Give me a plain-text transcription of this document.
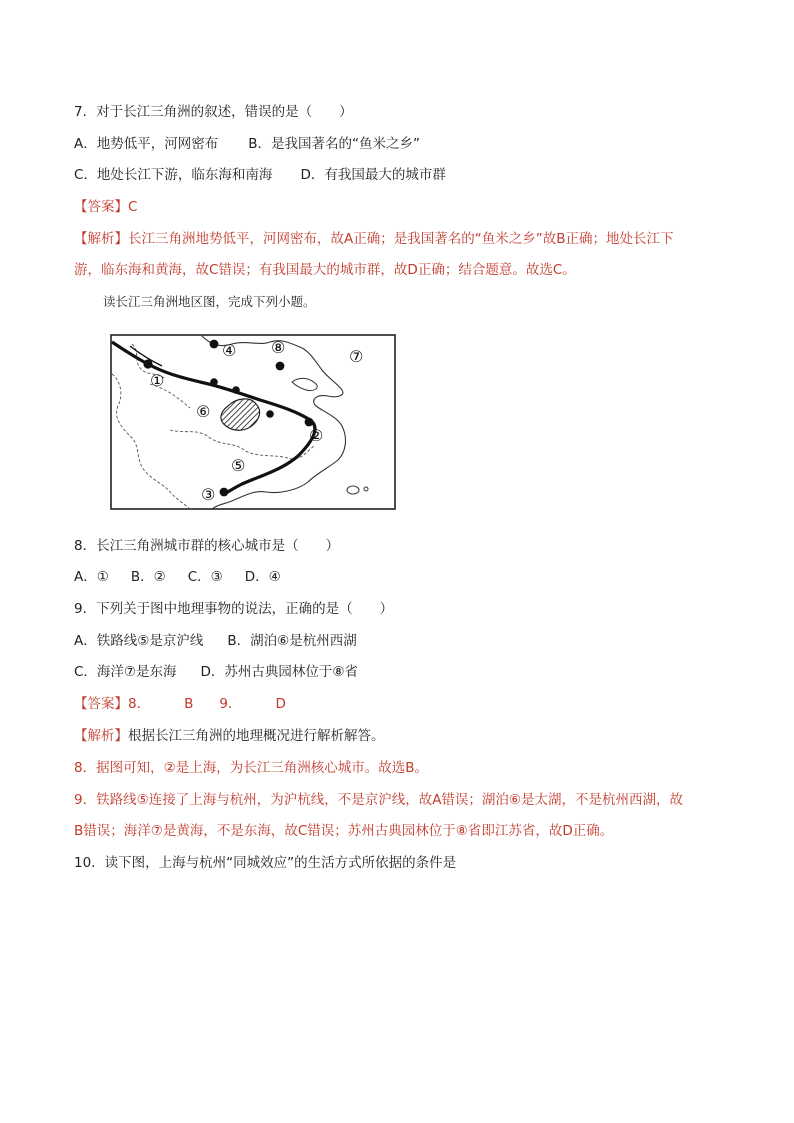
7．对于长江三角洲的叙述，错误的是（　　）
A．地势低平，河网密布 B．是我国著名的“鱼米之乡”
C．地处长江下游，临东海和南海 D．有我国最大的城市群
【答案】C
【解析】长江三角洲地势低平，河网密布，故A正确；是我国著名的“鱼米之乡”故B正确；地处长江下
游，临东海和黄海，故C错误；有我国最大的城市群，故D正确；结合题意。故选C。
读长江三角洲地区图，完成下列小题。
①
②
③
④
⑤
⑥
⑦
⑧
8．长江三角洲城市群的核心城市是（　　）
A．① B．② C．③ D．④
9．下列关于图中地理事物的说法，正确的是（　　）
A．铁路线⑤是京沪线 B．湖泊⑥是杭州西湖
C．海洋⑦是东海 D．苏州古典园林位于⑧省
【答案】8．	B 9．	D
【解析】根据长江三角洲的地理概况进行解析解答。
8．据图可知，②是上海，为长江三角洲核心城市。故选B。
9．铁路线⑤连接了上海与杭州，为沪杭线，不是京沪线，故A错误；湖泊⑥是太湖，不是杭州西湖，故
B错误；海洋⑦是黄海，不是东海，故C错误；苏州古典园林位于⑧省即江苏省，故D正确。
10．读下图，上海与杭州“同城效应”的生活方式所依据的条件是
